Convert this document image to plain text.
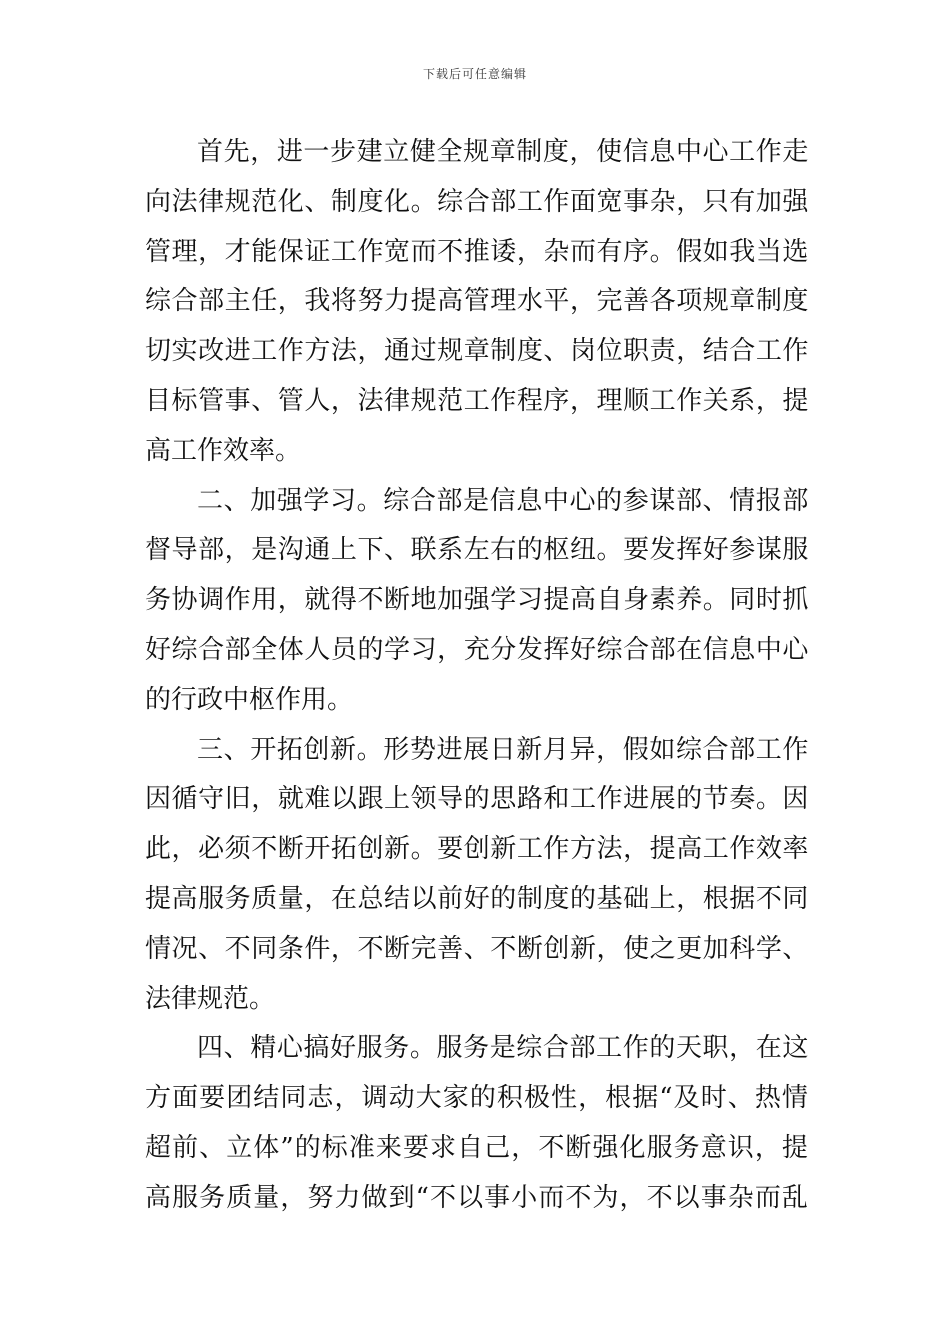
下载后可任意编辑
首先，进一步建立健全规章制度，使信息中心工作走
向法律规范化、制度化。综合部工作面宽事杂，只有加强
管理，才能保证工作宽而不推诿，杂而有序。假如我当选
综合部主任，我将努力提高管理水平，完善各项规章制度
切实改进工作方法，通过规章制度、岗位职责，结合工作
目标管事、管人，法律规范工作程序，理顺工作关系，提
高工作效率。
二、加强学习。综合部是信息中心的参谋部、情报部
督导部，是沟通上下、联系左右的枢纽。要发挥好参谋服
务协调作用，就得不断地加强学习提高自身素养。同时抓
好综合部全体人员的学习，充分发挥好综合部在信息中心
的行政中枢作用。
三、开拓创新。形势进展日新月异，假如综合部工作
因循守旧，就难以跟上领导的思路和工作进展的节奏。因
此，必须不断开拓创新。要创新工作方法，提高工作效率
提高服务质量，在总结以前好的制度的基础上，根据不同
情况、不同条件，不断完善、不断创新，使之更加科学、
法律规范。
四、精心搞好服务。服务是综合部工作的天职，在这
方面要团结同志，调动大家的积极性，根据“及时、热情
超前、立体”的标准来要求自己，不断强化服务意识，提
高服务质量，努力做到“不以事小而不为，不以事杂而乱
